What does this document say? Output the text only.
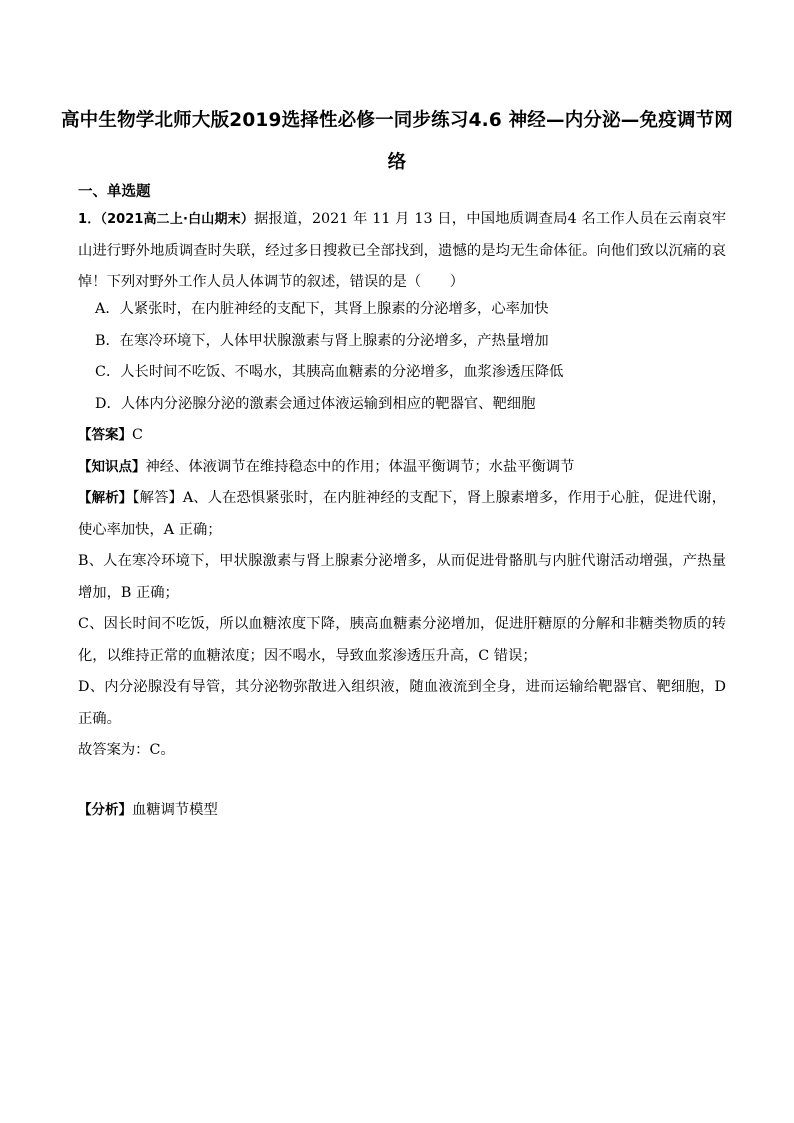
高中生物学北师大版2019选择性必修一同步练习4.6 神经—内分泌—免疫调节网络
一、单选题
1．（2021高二上·白山期末）据报道，2021 年 11 月 13 日，中国地质调查局4 名工作人员在云南哀牢山进行野外地质调查时失联，经过多日搜救已全部找到，遗憾的是均无生命体征。向他们致以沉痛的哀悼！下列对野外工作人员人体调节的叙述，错误的是（　　）
A．人紧张时，在内脏神经的支配下，其肾上腺素的分泌增多，心率加快
B．在寒冷环境下，人体甲状腺激素与肾上腺素的分泌增多，产热量增加
C．人长时间不吃饭、不喝水，其胰高血糖素的分泌增多，血浆渗透压降低
D．人体内分泌腺分泌的激素会通过体液运输到相应的靶器官、靶细胞
【答案】C
【知识点】神经、体液调节在维持稳态中的作用；体温平衡调节；水盐平衡调节

【解析】【解答】A、人在恐惧紧张时，在内脏神经的支配下，肾上腺素增多，作用于心脏，促进代谢，使心率加快，A 正确；

B、人在寒冷环境下，甲状腺激素与肾上腺素分泌增多，从而促进骨骼肌与内脏代谢活动增强，产热量增加，B 正确；

C、因长时间不吃饭，所以血糖浓度下降，胰高血糖素分泌增加，促进肝糖原的分解和非糖类物质的转化，以维持正常的血糖浓度；因不喝水，导致血浆渗透压升高，C 错误；

D、内分泌腺没有导管，其分泌物弥散进入组织液，随血液流到全身，进而运输给靶器官、靶细胞，D 正确。

故答案为：C。

【分析】血糖调节模型
